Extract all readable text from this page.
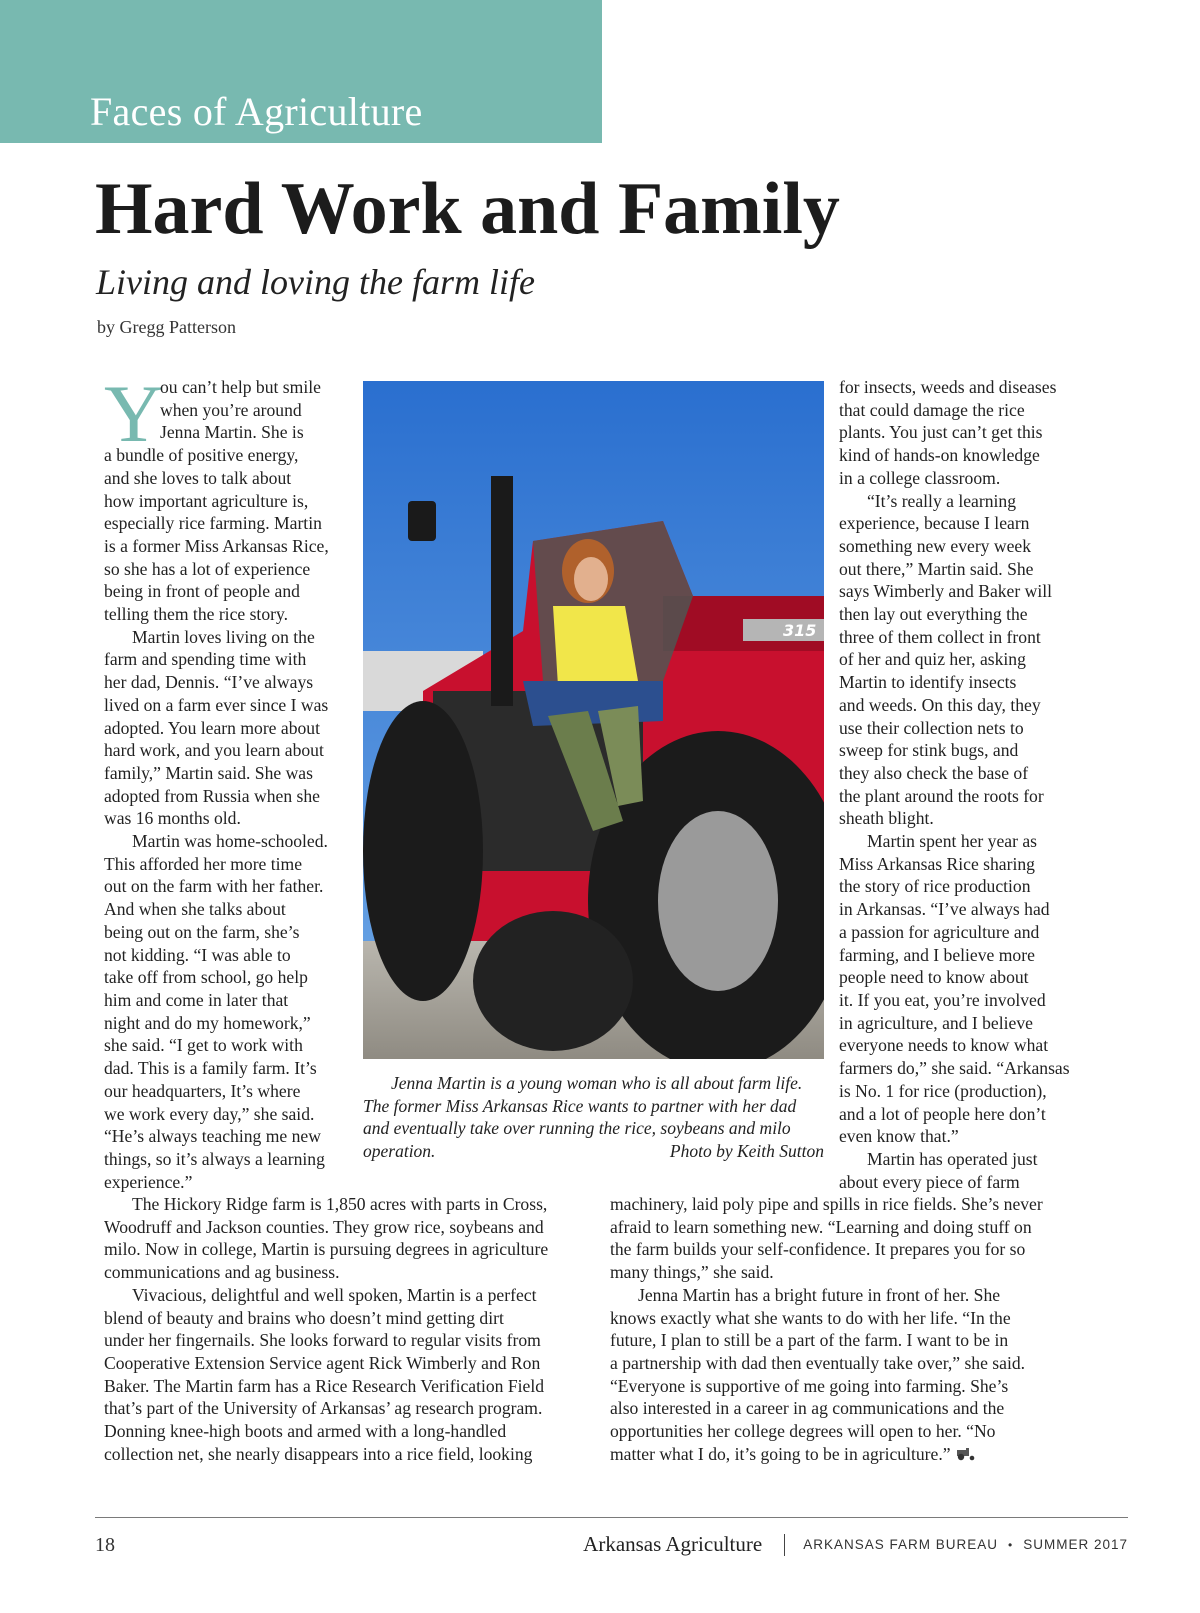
Faces of Agriculture
Hard Work and Family
Living and loving the farm life
by Gregg Patterson
Y
ou can’t help but smile
when you’re around
Jenna Martin. She is
a bundle of positive energy,
and she loves to talk about
how important agriculture is,
especially rice farming. Martin
is a former Miss Arkansas Rice,
so she has a lot of experience
being in front of people and
telling them the rice story.
Martin loves living on the
farm and spending time with
her dad, Dennis. “I’ve always
lived on a farm ever since I was
adopted. You learn more about
hard work, and you learn about
family,” Martin said. She was
adopted from Russia when she
was 16 months old.
Martin was home-schooled.
This afforded her more time
out on the farm with her father.
And when she talks about
being out on the farm, she’s
not kidding. “I was able to
take off from school, go help
him and come in later that
night and do my homework,”
she said. “I get to work with
dad. This is a family farm. It’s
our headquarters, It’s where
we work every day,” she said.
“He’s always teaching me new
things, so it’s always a learning
experience.”
The Hickory Ridge farm is 1,850 acres with parts in Cross,
Woodruff and Jackson counties. They grow rice, soybeans and
milo. Now in college, Martin is pursuing degrees in agriculture
communications and ag business.
Vivacious, delightful and well spoken, Martin is a perfect
blend of beauty and brains who doesn’t mind getting dirt
under her fingernails. She looks forward to regular visits from
Cooperative Extension Service agent Rick Wimberly and Ron
Baker. The Martin farm has a Rice Research Verification Field
that’s part of the University of Arkansas’ ag research program.
Donning knee-high boots and armed with a long-handled
collection net, she nearly disappears into a rice field, looking
315
Jenna Martin is a young woman who is all about farm life.
The former Miss Arkansas Rice wants to partner with her dad
and eventually take over running the rice, soybeans and milo
operation.	Photo by Keith Sutton
for insects, weeds and diseases
that could damage the rice
plants. You just can’t get this
kind of hands-on knowledge
in a college classroom.
“It’s really a learning
experience, because I learn
something new every week
out there,” Martin said. She
says Wimberly and Baker will
then lay out everything the
three of them collect in front
of her and quiz her, asking
Martin to identify insects
and weeds. On this day, they
use their collection nets to
sweep for stink bugs, and
they also check the base of
the plant around the roots for
sheath blight.
Martin spent her year as
Miss Arkansas Rice sharing
the story of rice production
in Arkansas. “I’ve always had
a passion for agriculture and
farming, and I believe more
people need to know about
it. If you eat, you’re involved
in agriculture, and I believe
everyone needs to know what
farmers do,” she said. “Arkansas
is No. 1 for rice (production),
and a lot of people here don’t
even know that.”
Martin has operated just
about every piece of farm
machinery, laid poly pipe and spills in rice fields. She’s never
afraid to learn something new. “Learning and doing stuff on
the farm builds your self-confidence. It prepares you for so
many things,” she said.
Jenna Martin has a bright future in front of her. She
knows exactly what she wants to do with her life. “In the
future, I plan to still be a part of the farm. I want to be in
a partnership with dad then eventually take over,” she said.
“Everyone is supportive of me going into farming. She’s
also interested in a career in ag communications and the
opportunities her college degrees will open to her. “No
matter what I do, it’s going to be in agriculture.”
18	Arkansas Agriculture	ARKANSAS FARM BUREAU • SUMMER 2017
